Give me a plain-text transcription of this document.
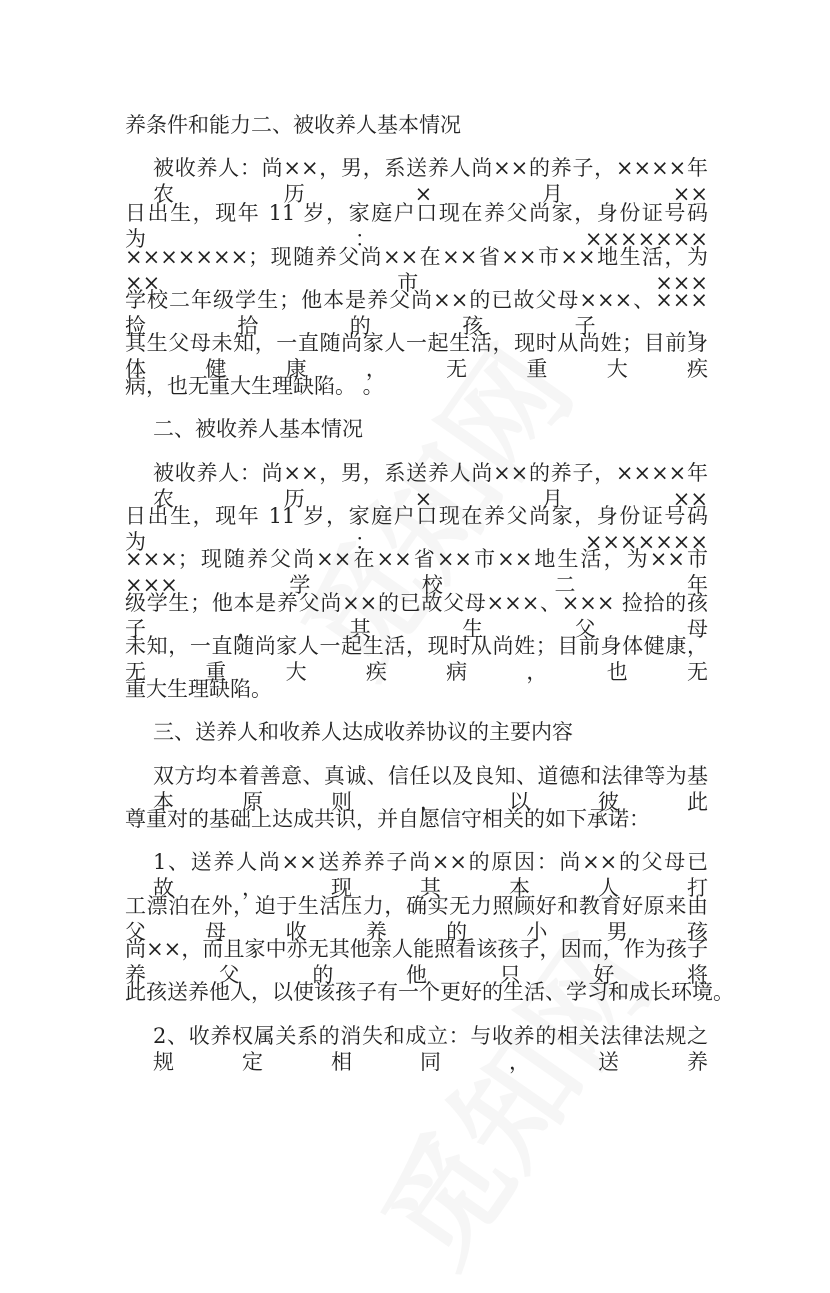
养条件和能力二、被收养人基本情况
被收养人：尚××，男，系送养人尚××的养子，××××年农历×月××
日出生，现年 11 岁，家庭户口现在养父尚家，身份证号码为：×××××××
×××××××；现随养父尚××在××省××市××地生活，为××市×××
学校二年级学生；他本是养父尚××的已故父母×××、××× 捡拾的孩子，
其生父母未知，一直随尚家人一起生活，现时从尚姓；目前身体健康，无重大疾
病，也无重大生理缺陷。 。
二、被收养人基本情况
被收养人：尚××，男，系送养人尚××的养子，××××年农历×月××
日出生，现年 11 岁，家庭户口现在养父尚家，身份证号码为：×××××××
×××；现随养父尚××在××省××市××地生活，为××市×××学校二年
级学生；他本是养父尚××的已故父母×××、××× 捡拾的孩子，其生父母
未知，一直随尚家人一起生活，现时从尚姓；目前身体健康，无重大疾病，也无
重大生理缺陷。
三、送养人和收养人达成收养协议的主要内容
双方均本着善意、真诚、信任以及良知、道德和法律等为基本原则，以彼此
尊重对的基础上达成共识，并自愿信守相关的如下承诺：
1、送养人尚××送养养子尚××的原因：尚××的父母已故，现其本人打
工漂泊在外，迫于生活压力，确实无力照顾好和教育好原来由父母收养的小男孩
尚××，而且家中亦无其他亲人能照看该孩子，因而，作为孩子养父的他只好将
此孩送养他人，以使该孩子有一个更好的生活、学习和成长环境。
2、收养权属关系的消失和成立：与收养的相关法律法规之规定相同，送养
